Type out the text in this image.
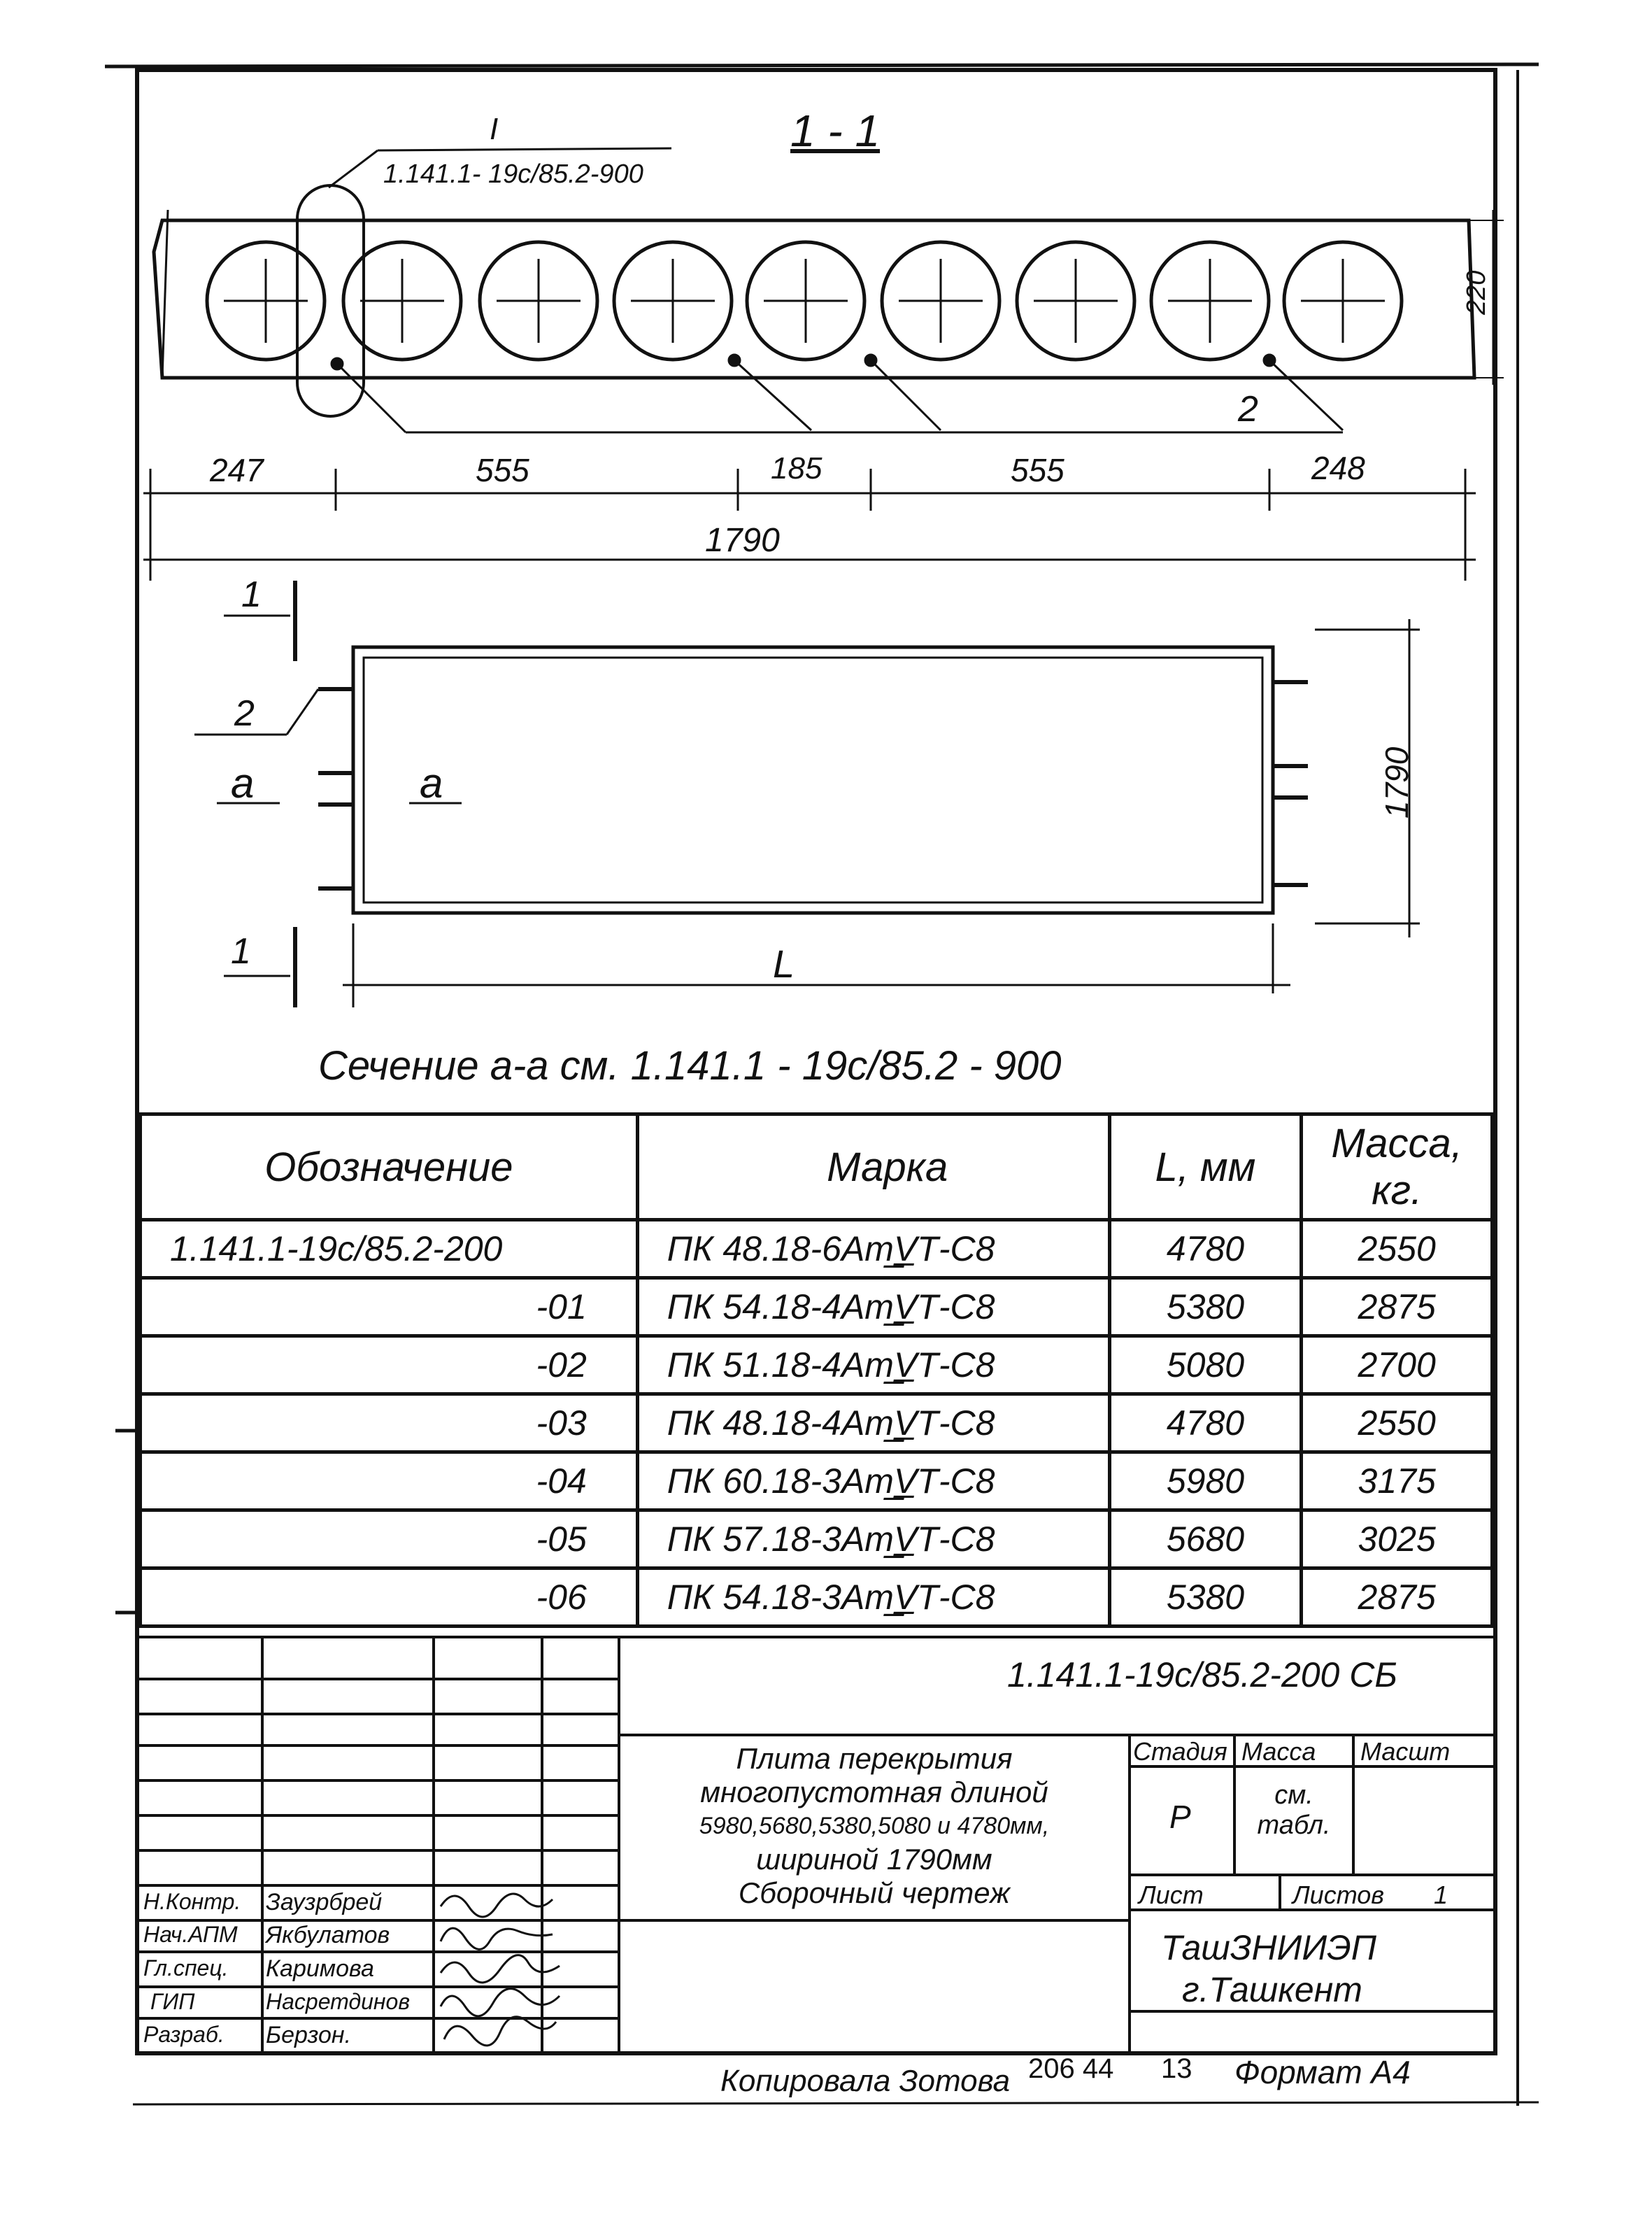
I
1.141.1- 19с/85.2-900
1 - 1
2
220
247	555	185	555	248
1790
1
1
2
а	а	1790
L
Сечение а-а см. 1.141.1 - 19с/85.2 - 900
Обозначение	Марка	L, мм	Масса, кг.
1.141.1-19с/85.2-200	ПК 48.18-6Ат̲V̲Т-С8	4780	2550
-01	ПК 54.18-4Ат̲V̲Т-С8	5380	2875
-02	ПК 51.18-4Ат̲V̲Т-С8	5080	2700
-03	ПК 48.18-4Ат̲V̲Т-С8	4780	2550
-04	ПК 60.18-3Ат̲V̲Т-С8	5980	3175
-05	ПК 57.18-3Ат̲V̲Т-С8	5680	3025
-06	ПК 54.18-3Ат̲V̲Т-С8	5380	2875
1.141.1-19с/85.2-200 СБ
Плита перекрытия
многопустотная длиной
5980,5680,5380,5080 и 4780мм,
шириной 1790мм
Сборочный чертеж
Стадия Масса Масшт
Р
см. табл.
Лист	Листов 1
ТашЗНИИЭП
г.Ташкент
Н.Контр. Заузрбрей
Нач.АПМ Якбулатов
Гл.спец. Каримова
ГИП	Насретдинов
Разраб. Берзон.
Копировала Зотова 206 44 13 Формат А4
